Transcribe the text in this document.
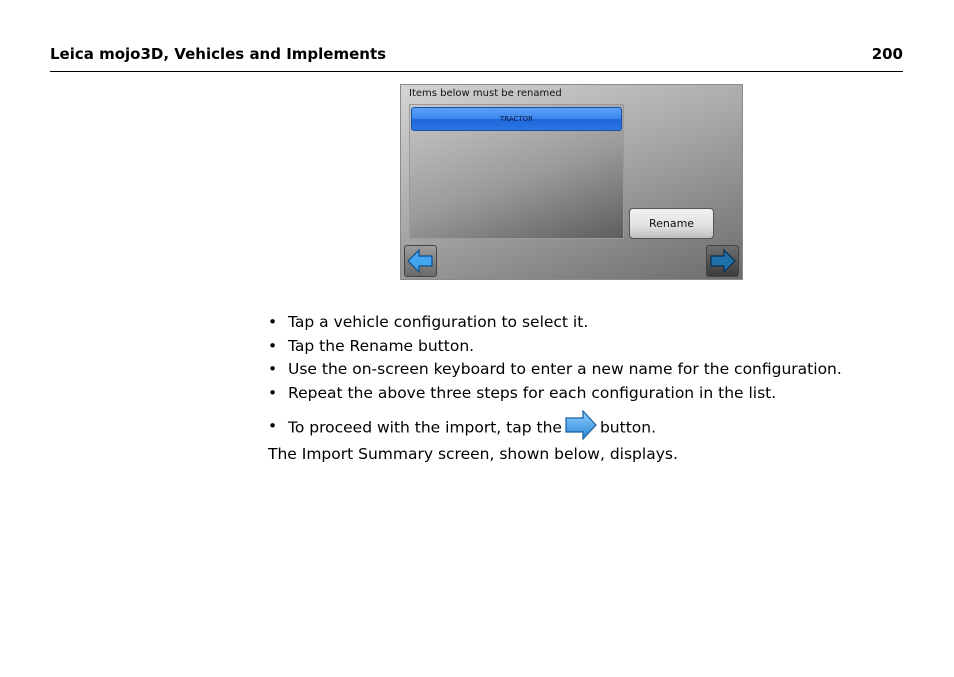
Leica mojo3D, Vehicles and Implements	200
Items below must be renamed
TRACTOR
Rename
• Tap a vehicle configuration to select it.
• Tap the Rename button.
• Use the on-screen keyboard to enter a new name for the configuration.
• Repeat the above three steps for each configuration in the list.
• To proceed with the import, tap the button.
The Import Summary screen, shown below, displays.
